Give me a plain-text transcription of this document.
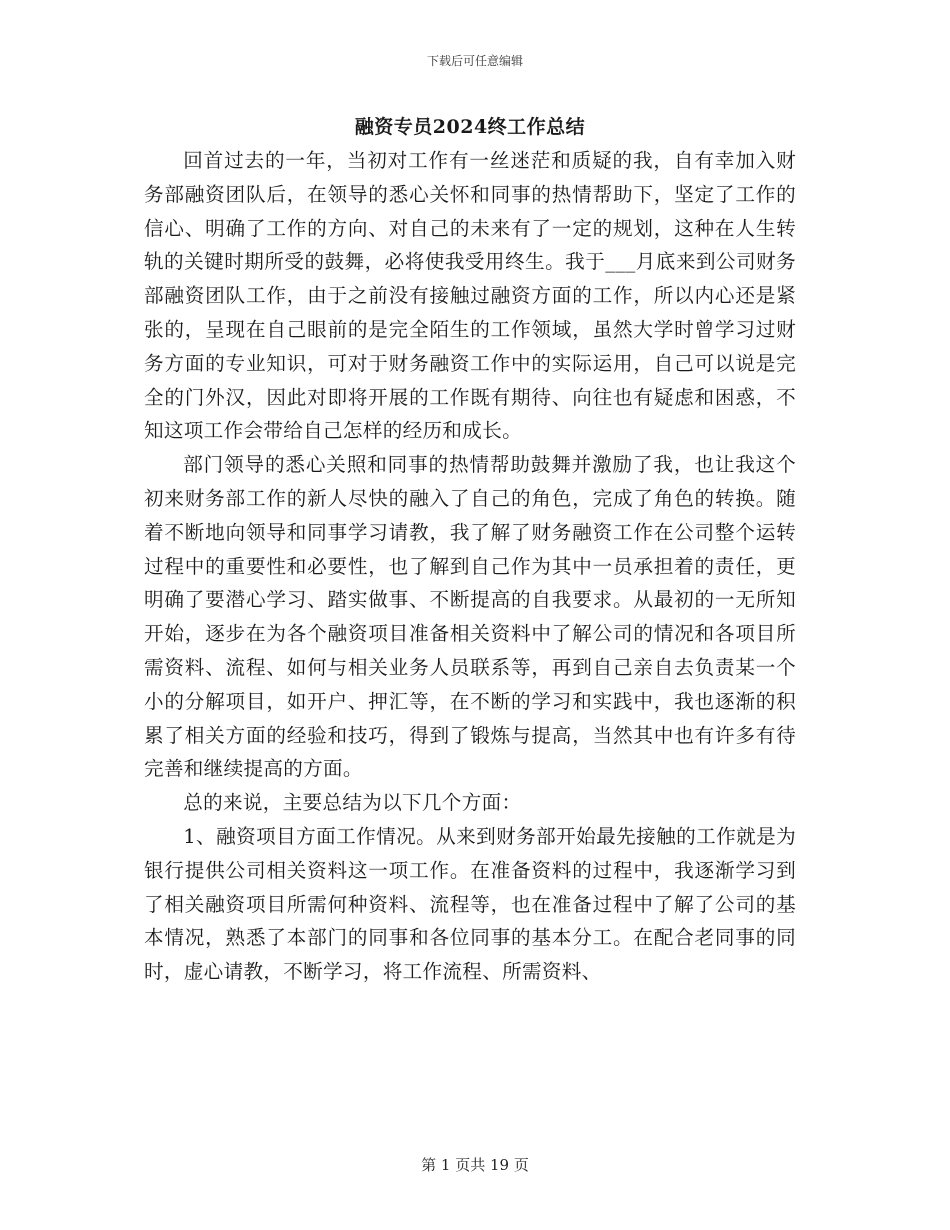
下载后可任意编辑
融资专员2024终工作总结

回首过去的一年，当初对工作有一丝迷茫和质疑的我，自有幸加入财务部融资团队后，在领导的悉心关怀和同事的热情帮助下，坚定了工作的信心、明确了工作的方向、对自己的未来有了一定的规划，这种在人生转轨的关键时期所受的鼓舞，必将使我受用终生。我于___月底来到公司财务部融资团队工作，由于之前没有接触过融资方面的工作，所以内心还是紧张的，呈现在自己眼前的是完全陌生的工作领域，虽然大学时曾学习过财务方面的专业知识，可对于财务融资工作中的实际运用，自己可以说是完全的门外汉，因此对即将开展的工作既有期待、向往也有疑虑和困惑，不知这项工作会带给自己怎样的经历和成长。

部门领导的悉心关照和同事的热情帮助鼓舞并激励了我，也让我这个初来财务部工作的新人尽快的融入了自己的角色，完成了角色的转换。随着不断地向领导和同事学习请教，我了解了财务融资工作在公司整个运转过程中的重要性和必要性，也了解到自己作为其中一员承担着的责任，更明确了要潜心学习、踏实做事、不断提高的自我要求。从最初的一无所知开始，逐步在为各个融资项目准备相关资料中了解公司的情况和各项目所需资料、流程、如何与相关业务人员联系等，再到自己亲自去负责某一个小的分解项目，如开户、押汇等，在不断的学习和实践中，我也逐渐的积累了相关方面的经验和技巧，得到了锻炼与提高，当然其中也有许多有待完善和继续提高的方面。

总的来说，主要总结为以下几个方面：

1、融资项目方面工作情况。从来到财务部开始最先接触的工作就是为银行提供公司相关资料这一项工作。在准备资料的过程中，我逐渐学习到了相关融资项目所需何种资料、流程等，也在准备过程中了解了公司的基本情况，熟悉了本部门的同事和各位同事的基本分工。在配合老同事的同时，虚心请教，不断学习，将工作流程、所需资料、

第 1 页共 19 页
